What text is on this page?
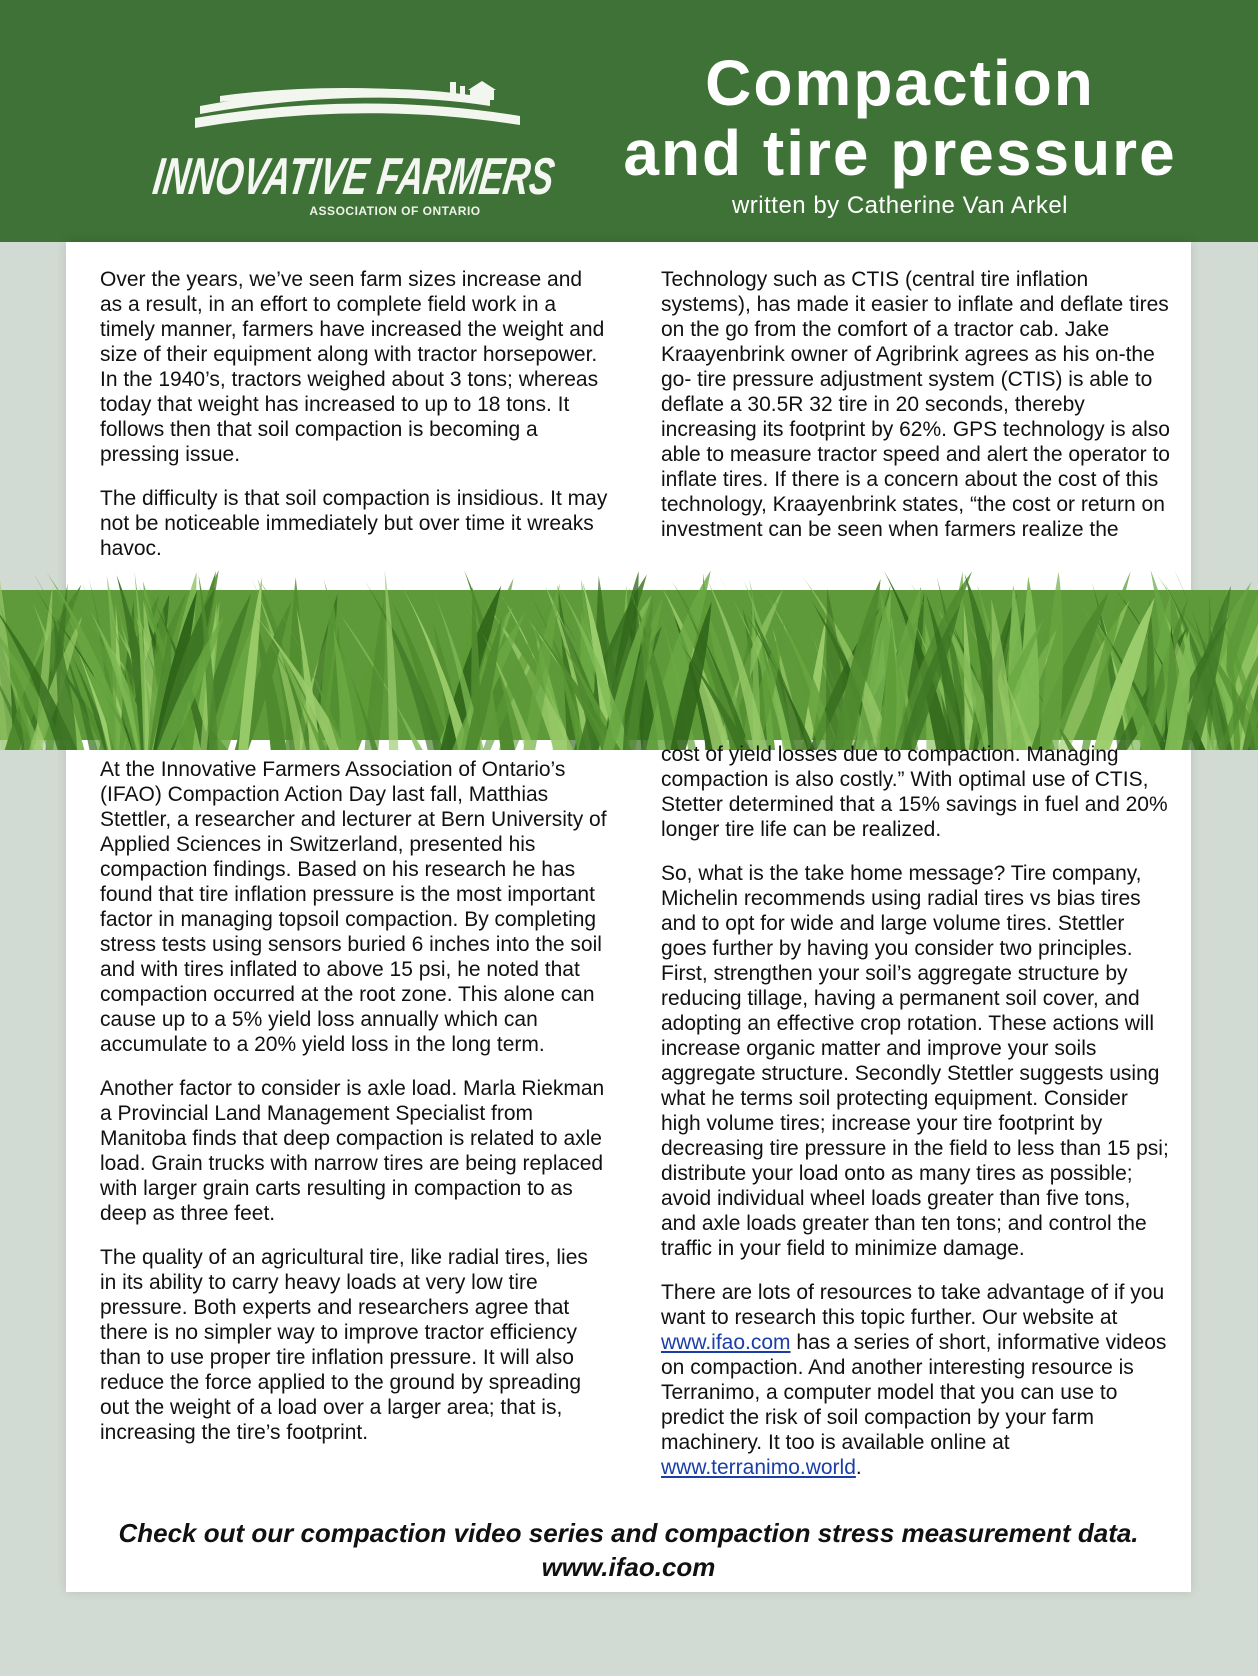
INNOVATIVE FARMERS
ASSOCIATION OF ONTARIO
Compaction
and tire pressure
written by Catherine Van Arkel

Over the years, we’ve seen farm sizes increase and as a result, in an effort to complete field work in a timely manner, farmers have increased the weight and size of their equipment along with tractor horsepower. In the 1940’s, tractors weighed about 3 tons; whereas today that weight has increased to up to 18 tons. It follows then that soil compaction is becoming a pressing issue.

The difficulty is that soil compaction is insidious. It may not be noticeable immediately but over time it wreaks havoc.

Technology such as CTIS (central tire inflation systems), has made it easier to inflate and deflate tires on the go from the comfort of a tractor cab. Jake Kraayenbrink owner of Agribrink agrees as his on-the go- tire pressure adjustment system (CTIS) is able to deflate a 30.5R 32 tire in 20 seconds, thereby increasing its footprint by 62%. GPS technology is also able to measure tractor speed and alert the operator to inflate tires. If there is a concern about the cost of this technology, Kraayenbrink states, “the cost or return on investment can be seen when farmers realize the

At the Innovative Farmers Association of Ontario’s (IFAO) Compaction Action Day last fall, Matthias Stettler, a researcher and lecturer at Bern University of Applied Sciences in Switzerland, presented his compaction findings. Based on his research he has found that tire inflation pressure is the most important factor in managing topsoil compaction. By completing stress tests using sensors buried 6 inches into the soil and with tires inflated to above 15 psi, he noted that compaction occurred at the root zone. This alone can cause up to a 5% yield loss annually which can accumulate to a 20% yield loss in the long term.

Another factor to consider is axle load. Marla Riekman a Provincial Land Management Specialist from Manitoba finds that deep compaction is related to axle load. Grain trucks with narrow tires are being replaced with larger grain carts resulting in compaction to as deep as three feet.

The quality of an agricultural tire, like radial tires, lies in its ability to carry heavy loads at very low tire pressure. Both experts and researchers agree that there is no simpler way to improve tractor efficiency than to use proper tire inflation pressure. It will also reduce the force applied to the ground by spreading out the weight of a load over a larger area; that is, increasing the tire’s footprint.

cost of yield losses due to compaction. Managing compaction is also costly.” With optimal use of CTIS, Stetter determined that a 15% savings in fuel and 20% longer tire life can be realized.

So, what is the take home message? Tire company, Michelin recommends using radial tires vs bias tires and to opt for wide and large volume tires. Stettler goes further by having you consider two principles. First, strengthen your soil’s aggregate structure by reducing tillage, having a permanent soil cover, and adopting an effective crop rotation. These actions will increase organic matter and improve your soils aggregate structure. Secondly Stettler suggests using what he terms soil protecting equipment. Consider high volume tires; increase your tire footprint by decreasing tire pressure in the field to less than 15 psi; distribute your load onto as many tires as possible; avoid individual wheel loads greater than five tons, and axle loads greater than ten tons; and control the traffic in your field to minimize damage.

There are lots of resources to take advantage of if you want to research this topic further. Our website at www.ifao.com has a series of short, informative videos on compaction. And another interesting resource is Terranimo, a computer model that you can use to predict the risk of soil compaction by your farm machinery. It too is available online at www.terranimo.world.

Check out our compaction video series and compaction stress measurement data.
www.ifao.com
